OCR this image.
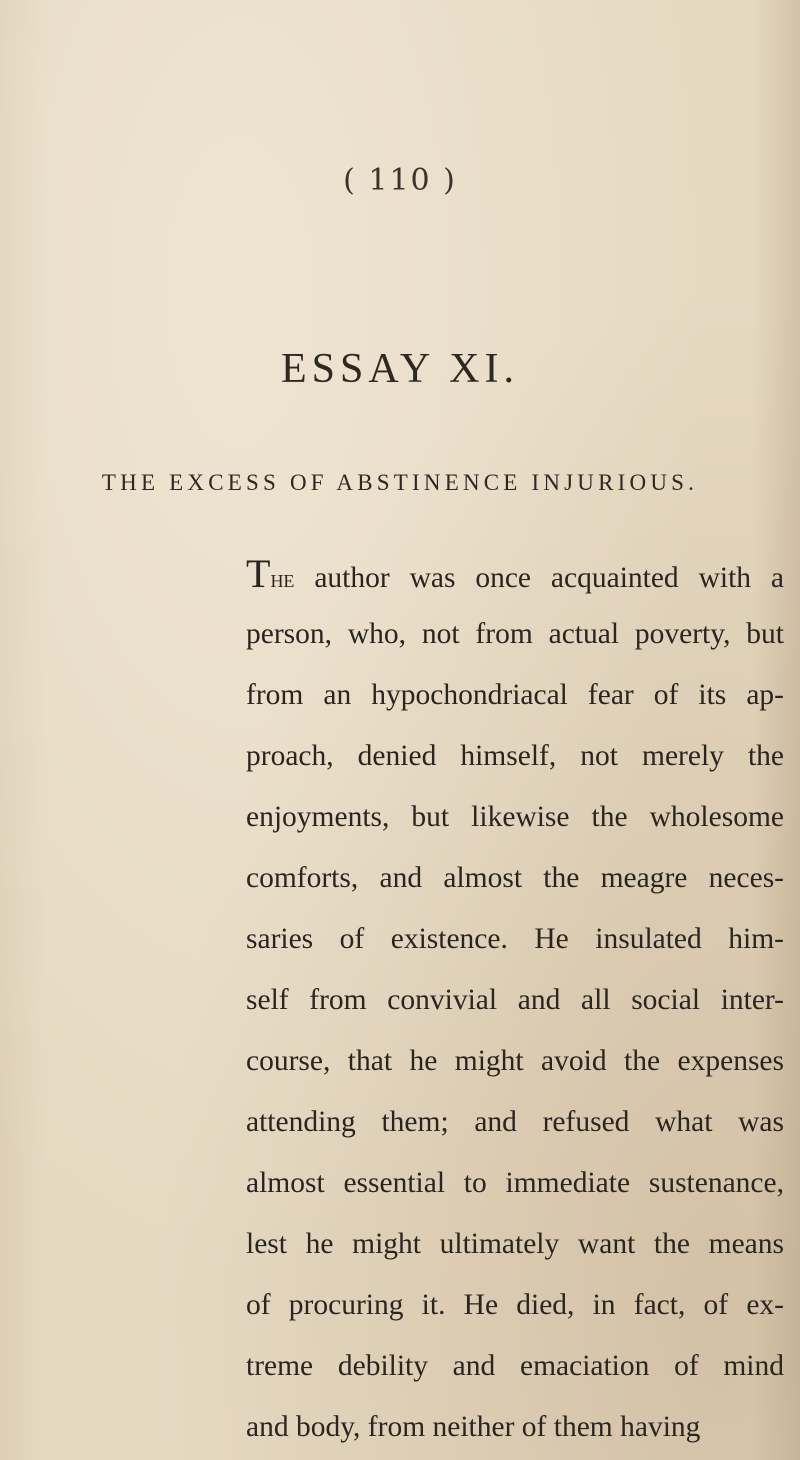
( 110 )
ESSAY XI.
THE EXCESS OF ABSTINENCE INJURIOUS.
The author was once acquainted with a
person, who, not from actual poverty, but
from an hypochondriacal fear of its ap-
proach, denied himself, not merely the
enjoyments, but likewise the wholesome
comforts, and almost the meagre neces-
saries of existence. He insulated him-
self from convivial and all social inter-
course, that he might avoid the expenses
attending them; and refused what was
almost essential to immediate sustenance,
lest he might ultimately want the means
of procuring it. He died, in fact, of ex-
treme debility and emaciation of mind
and body, from neither of them having
